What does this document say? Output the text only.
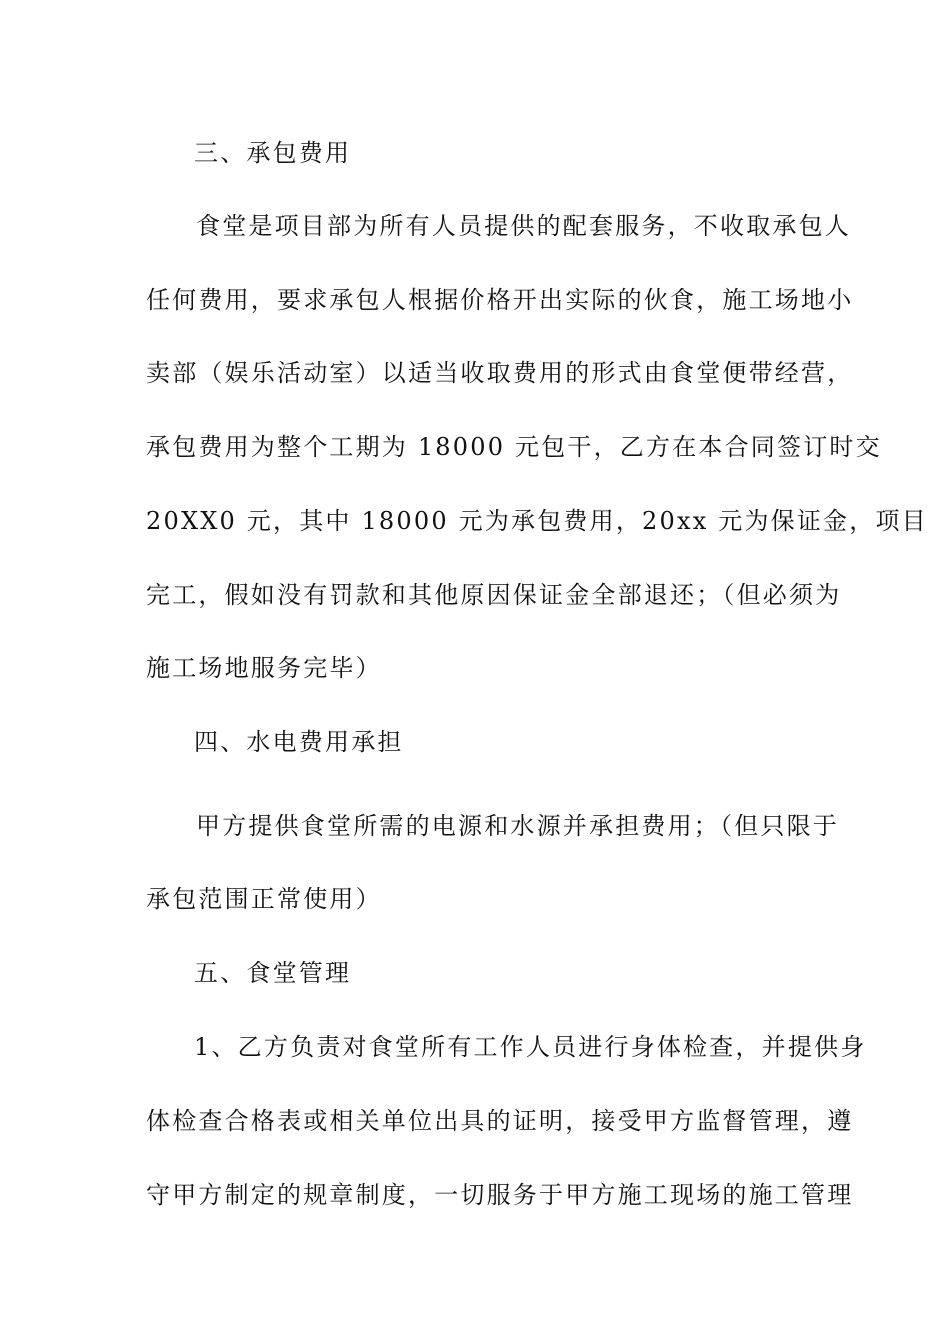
三、承包费用
食堂是项目部为所有人员提供的配套服务，不收取承包人
任何费用，要求承包人根据价格开出实际的伙食，施工场地小
卖部（娱乐活动室）以适当收取费用的形式由食堂便带经营，
承包费用为整个工期为 18000 元包干，乙方在本合同签订时交
20XX0 元，其中 18000 元为承包费用，20xx 元为保证金，项目
完工，假如没有罚款和其他原因保证金全部退还；（但必须为
施工场地服务完毕）
四、水电费用承担
甲方提供食堂所需的电源和水源并承担费用；（但只限于
承包范围正常使用）
五、食堂管理
1、乙方负责对食堂所有工作人员进行身体检查，并提供身
体检查合格表或相关单位出具的证明，接受甲方监督管理，遵
守甲方制定的规章制度，一切服务于甲方施工现场的施工管理
